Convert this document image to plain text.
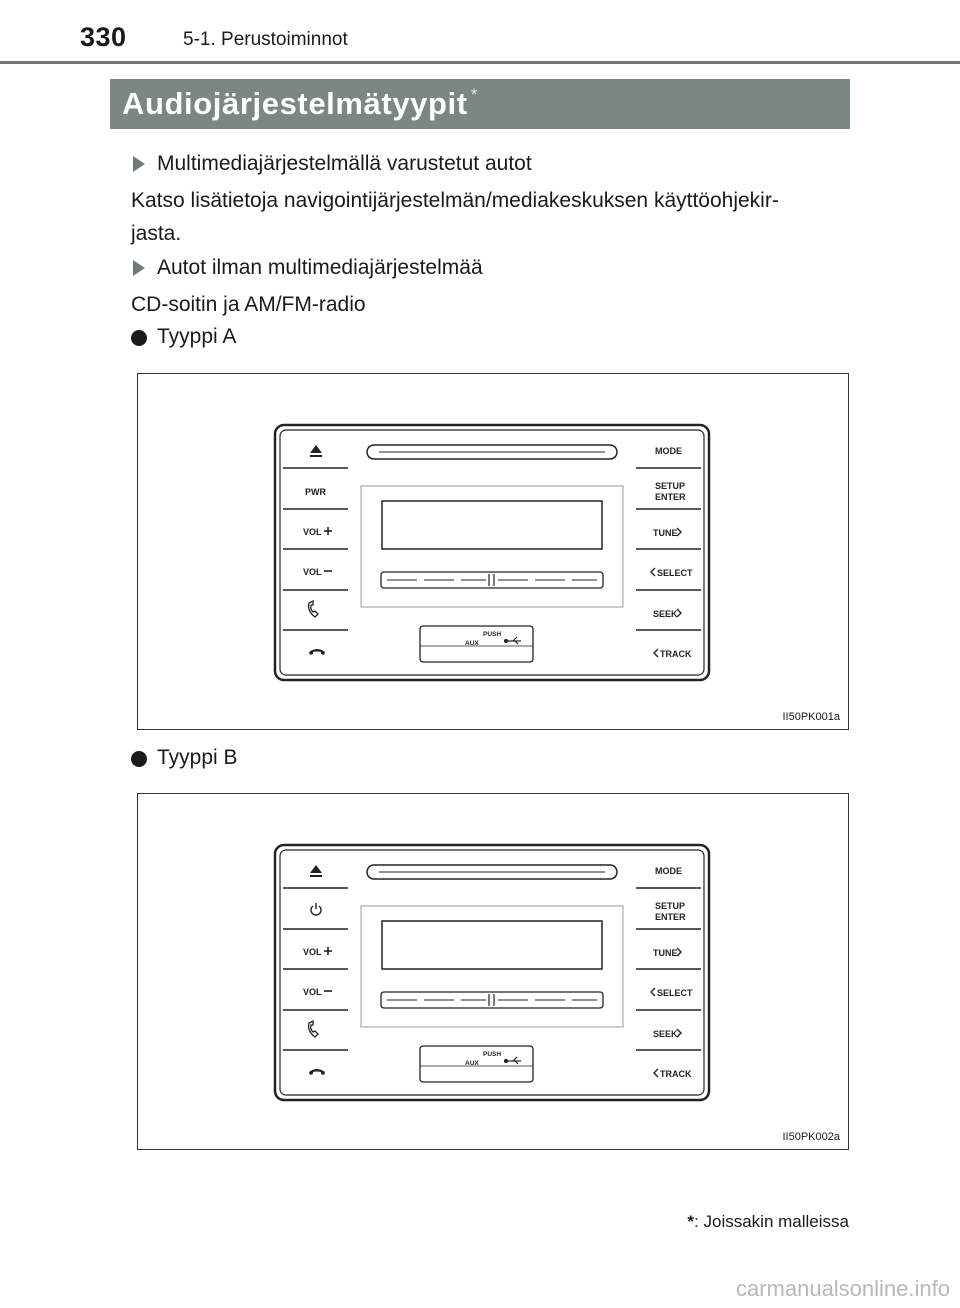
330	5-1. Perustoiminnot
Audiojärjestelmätyypit *
Multimediajärjestelmällä varustetut autot
Katso lisätietoja navigointijärjestelmän/mediakeskuksen käyttöohjekir-
jasta.
Autot ilman multimediajärjestelmää
CD-soitin ja AM/FM-radio
Tyyppi A
PWR
VOL
VOL
MODE
SETUP
ENTER
TUNE
SELECT
SEEK
TRACK
PUSH
AUX
II50PK001a
Tyyppi B
VOL
VOL
MODE
SETUP
ENTER
TUNE
SELECT
SEEK
TRACK
PUSH
AUX
II50PK002a
*: Joissakin malleissa
carmanualsonline.info
